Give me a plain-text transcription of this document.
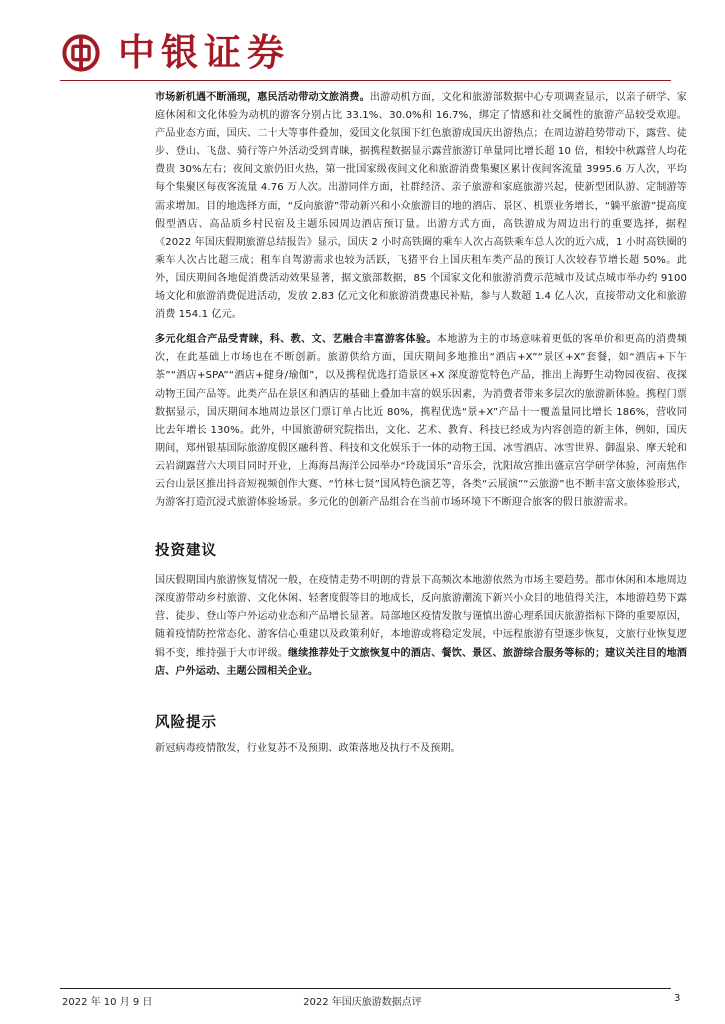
中银证券

市场新机遇不断涌现，惠民活动带动文旅消费。出游动机方面，文化和旅游部数据中心专项调查显示，以亲子研学、家庭休闲和文化体验为动机的游客分别占比 33.1%、30.0%和 16.7%，绑定了情感和社交属性的旅游产品较受欢迎。产品业态方面，国庆、二十大等事件叠加，爱国文化氛围下红色旅游成国庆出游热点；在周边游趋势带动下，露营、徒步、登山、飞盘、骑行等户外活动受到青睐，据携程数据显示露营旅游订单量同比增长超 10 倍，相较中秋露营人均花费贵 30%左右；夜间文旅仍旧火热，第一批国家级夜间文化和旅游消费集聚区累计夜间客流量 3995.6 万人次，平均每个集聚区每夜客流量 4.76 万人次。出游同伴方面，社群经济、亲子旅游和家庭旅游兴起，使新型团队游、定制游等需求增加。目的地选择方面，“反向旅游”带动新兴和小众旅游目的地的酒店、景区、机票业务增长，“躺平旅游”提高度假型酒店、高品质乡村民宿及主题乐园周边酒店预订量。出游方式方面，高铁游成为周边出行的重要选择，据程《2022 年国庆假期旅游总结报告》显示，国庆 2 小时高铁圈的乘车人次占高铁乘车总人次的近六成，1 小时高铁圈的乘车人次占比超三成；租车自驾游需求也较为活跃，飞猪平台上国庆租车类产品的预订人次较春节增长超 50%。此外，国庆期间各地促消费活动效果显著，据文旅部数据，85 个国家文化和旅游消费示范城市及试点城市举办约 9100 场文化和旅游消费促进活动，发放 2.83 亿元文化和旅游消费惠民补贴，参与人数超 1.4 亿人次，直接带动文化和旅游消费 154.1 亿元。

多元化组合产品受青睐，科、教、文、艺融合丰富游客体验。本地游为主的市场意味着更低的客单价和更高的消费频次，在此基础上市场也在不断创新。旅游供给方面，国庆期间多地推出“酒店+X”“景区+X”套餐，如“酒店+下午茶”“酒店+SPA”“酒店+健身/瑜伽”，以及携程优选打造景区+X 深度游览特色产品，推出上海野生动物园夜宿、夜探动物王国产品等。此类产品在景区和酒店的基础上叠加丰富的娱乐因素，为消费者带来多层次的旅游新体验。携程门票数据显示，国庆期间本地周边景区门票订单占比近 80%，携程优选“景+X”产品十一覆盖量同比增长 186%，营收同比去年增长 130%。此外，中国旅游研究院指出，文化、艺术、教育、科技已经成为内容创造的新主体，例如，国庆期间，郑州银基国际旅游度假区融科普、科技和文化娱乐于一体的动物王国、冰雪酒店、冰雪世界、御温泉、摩天轮和云岩湖露营六大项目同时开业，上海海昌海洋公园举办“玲珑国乐”音乐会，沈阳故宫推出盛京宫学研学体验，河南焦作云台山景区推出抖音短视频创作大赛、“竹林七贤”国风特色演艺等，各类“云展演”“云旅游”也不断丰富文旅体验形式，为游客打造沉浸式旅游体验场景。多元化的创新产品组合在当前市场环境下不断迎合旅客的假日旅游需求。

投资建议

国庆假期国内旅游恢复情况一般，在疫情走势不明朗的背景下高频次本地游依然为市场主要趋势。都市休闲和本地周边深度游带动乡村旅游、文化休闲、轻奢度假等目的地成长，反向旅游潮流下新兴小众目的地值得关注，本地游趋势下露营、徒步、登山等户外运动业态和产品增长显著。局部地区疫情发散与谨慎出游心理系国庆旅游指标下降的重要原因，随着疫情防控常态化、游客信心重建以及政策利好，本地游或将稳定发展，中远程旅游有望逐步恢复，文旅行业恢复逻辑不变，维持强于大市评级。继续推荐处于文旅恢复中的酒店、餐饮、景区、旅游综合服务等标的；建议关注目的地酒店、户外运动、主题公园相关企业。

风险提示

新冠病毒疫情散发，行业复苏不及预期、政策落地及执行不及预期。

2022 年 10 月 9 日	2022 年国庆旅游数据点评	3
